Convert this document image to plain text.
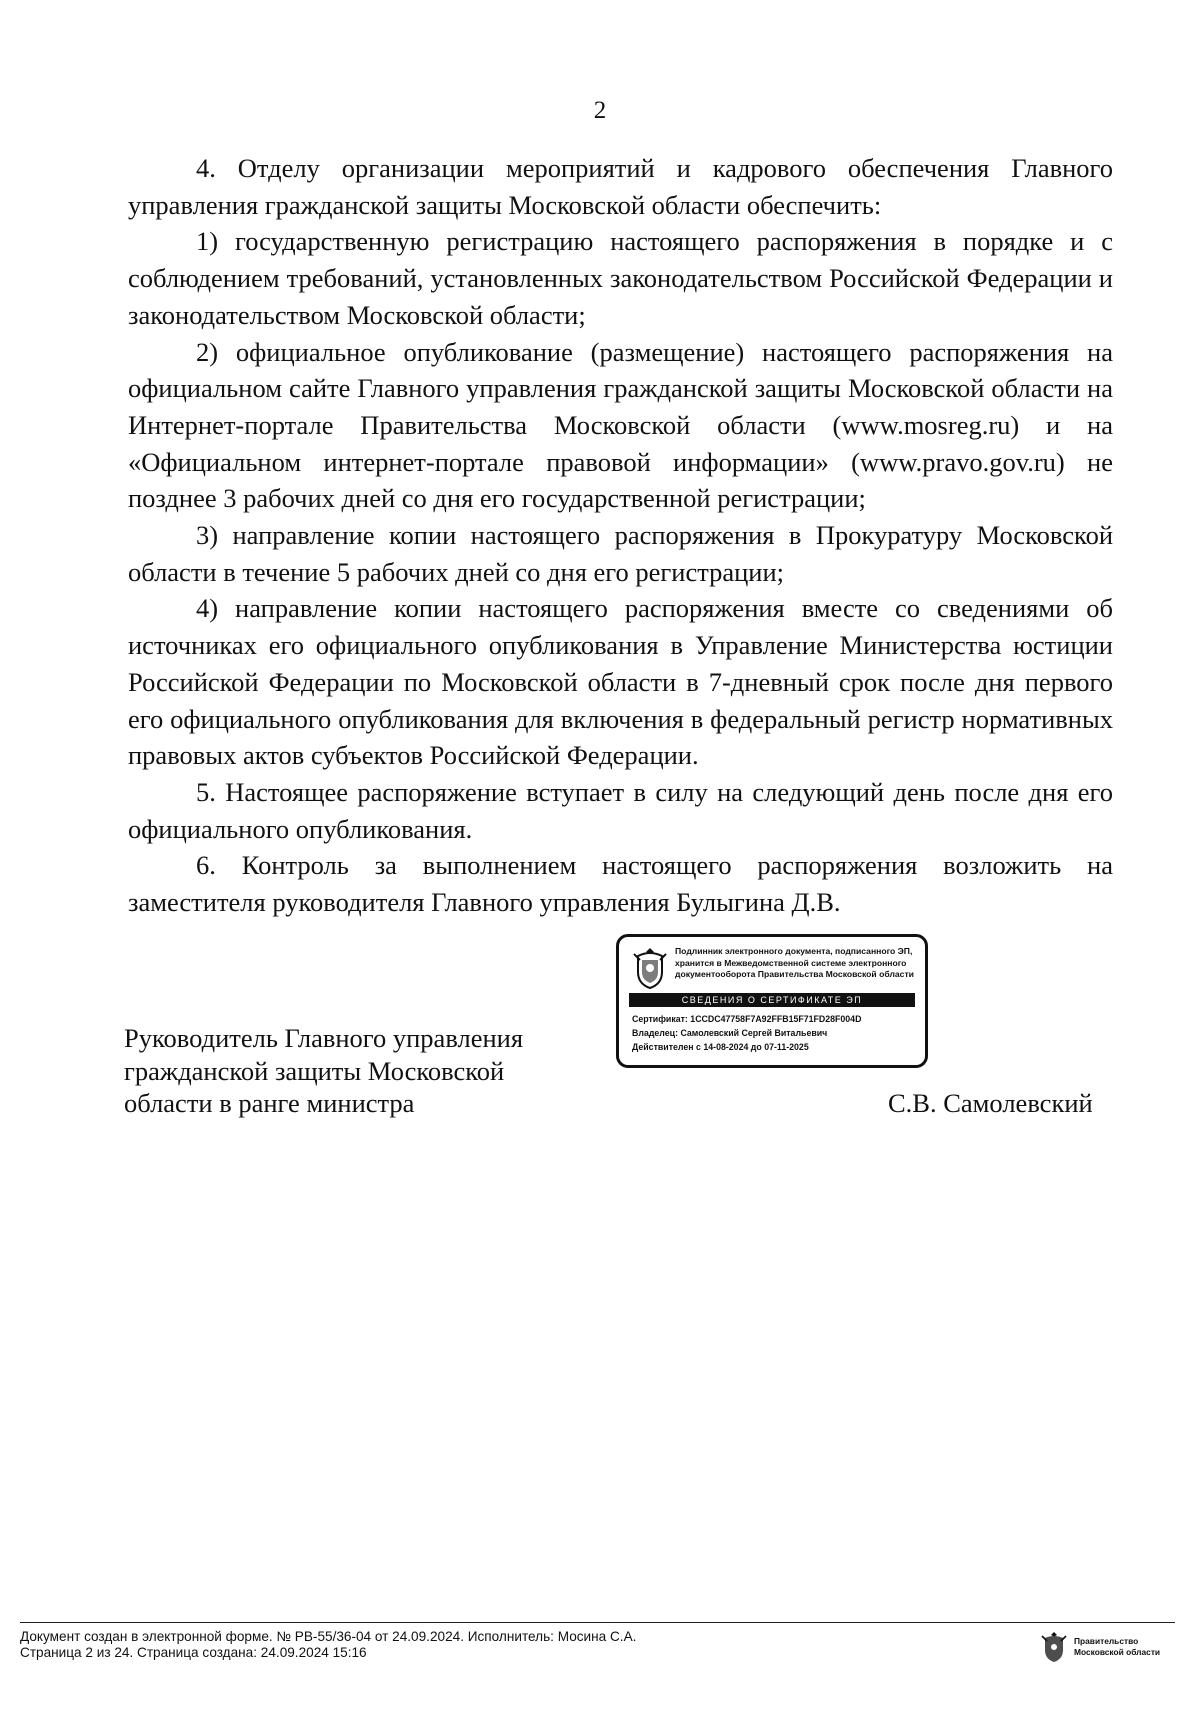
2

4. Отделу организации мероприятий и кадрового обеспечения Главного управления гражданской защиты Московской области обеспечить:

1) государственную регистрацию настоящего распоряжения в порядке и с соблюдением требований, установленных законодательством Российской Федерации и законодательством Московской области;

2) официальное опубликование (размещение) настоящего распоряжения на официальном сайте Главного управления гражданской защиты Московской области на Интернет-портале Правительства Московской области (www.mosreg.ru) и на «Официальном интернет-портале правовой информации» (www.pravo.gov.ru) не позднее 3 рабочих дней со дня его государственной регистрации;

3) направление копии настоящего распоряжения в Прокуратуру Московской области в течение 5 рабочих дней со дня его регистрации;

4) направление копии настоящего распоряжения вместе со сведениями об источниках его официального опубликования в Управление Министерства юстиции Российской Федерации по Московской области в 7-дневный срок после дня первого его официального опубликования для включения в федеральный регистр нормативных правовых актов субъектов Российской Федерации.

5. Настоящее распоряжение вступает в силу на следующий день после дня его официального опубликования.

6. Контроль за выполнением настоящего распоряжения возложить на заместителя руководителя Главного управления Булыгина Д.В.

Подлинник электронного документа, подписанного ЭП,
хранится в Межведомственной системе электронного
документооборота Правительства Московской области
СВЕДЕНИЯ О СЕРТИФИКАТЕ ЭП
Сертификат: 1CCDC47758F7A92FFB15F71FD28F004D
Владелец: Самолевский Сергей Витальевич
Действителен с 14-08-2024 до 07-11-2025
Руководитель Главного управления
гражданской защиты Московской
области в ранге министра	С.В. Самолевский
Документ создан в электронной форме. № РВ-55/36-04 от 24.09.2024. Исполнитель: Мосина С.А.
Страница 2 из 24. Страница создана: 24.09.2024 15:16
Правительство
Московской области
